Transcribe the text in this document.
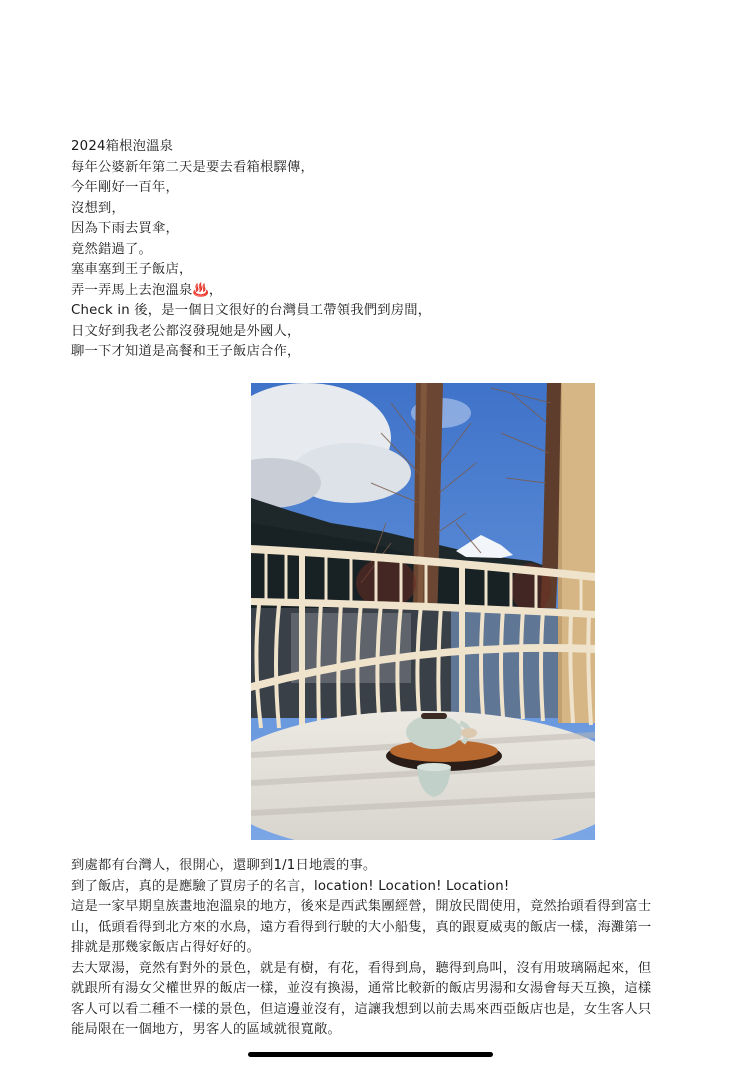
2024箱根泡溫泉
每年公婆新年第二天是要去看箱根驛傳，
今年剛好一百年，
沒想到，
因為下雨去買傘，
竟然錯過了。
塞車塞到王子飯店，
弄一弄馬上去泡溫泉♨️，
Check in 後，是一個日文很好的台灣員工帶領我們到房間，
日文好到我老公都沒發現她是外國人，
聊一下才知道是高餐和王子飯店合作，
到處都有台灣人，很開心，還聊到1/1日地震的事。
到了飯店，真的是應驗了買房子的名言，location! Location! Location!
這是一家早期皇族畫地泡溫泉的地方，後來是西武集團經營，開放民間使用，竟然抬頭看得到富士山，低頭看得到北方來的水鳥，遠方看得到行駛的大小船隻，真的跟夏威夷的飯店一樣，海灘第一排就是那幾家飯店占得好好的。
去大眾湯，竟然有對外的景色，就是有樹，有花，看得到鳥，聽得到鳥叫，沒有用玻璃隔起來，但就跟所有湯女父權世界的飯店一樣，並沒有換湯，通常比較新的飯店男湯和女湯會每天互換，這樣客人可以看二種不一樣的景色，但這邊並沒有，這讓我想到以前去馬來西亞飯店也是，女生客人只能局限在一個地方，男客人的區域就很寬敞。
